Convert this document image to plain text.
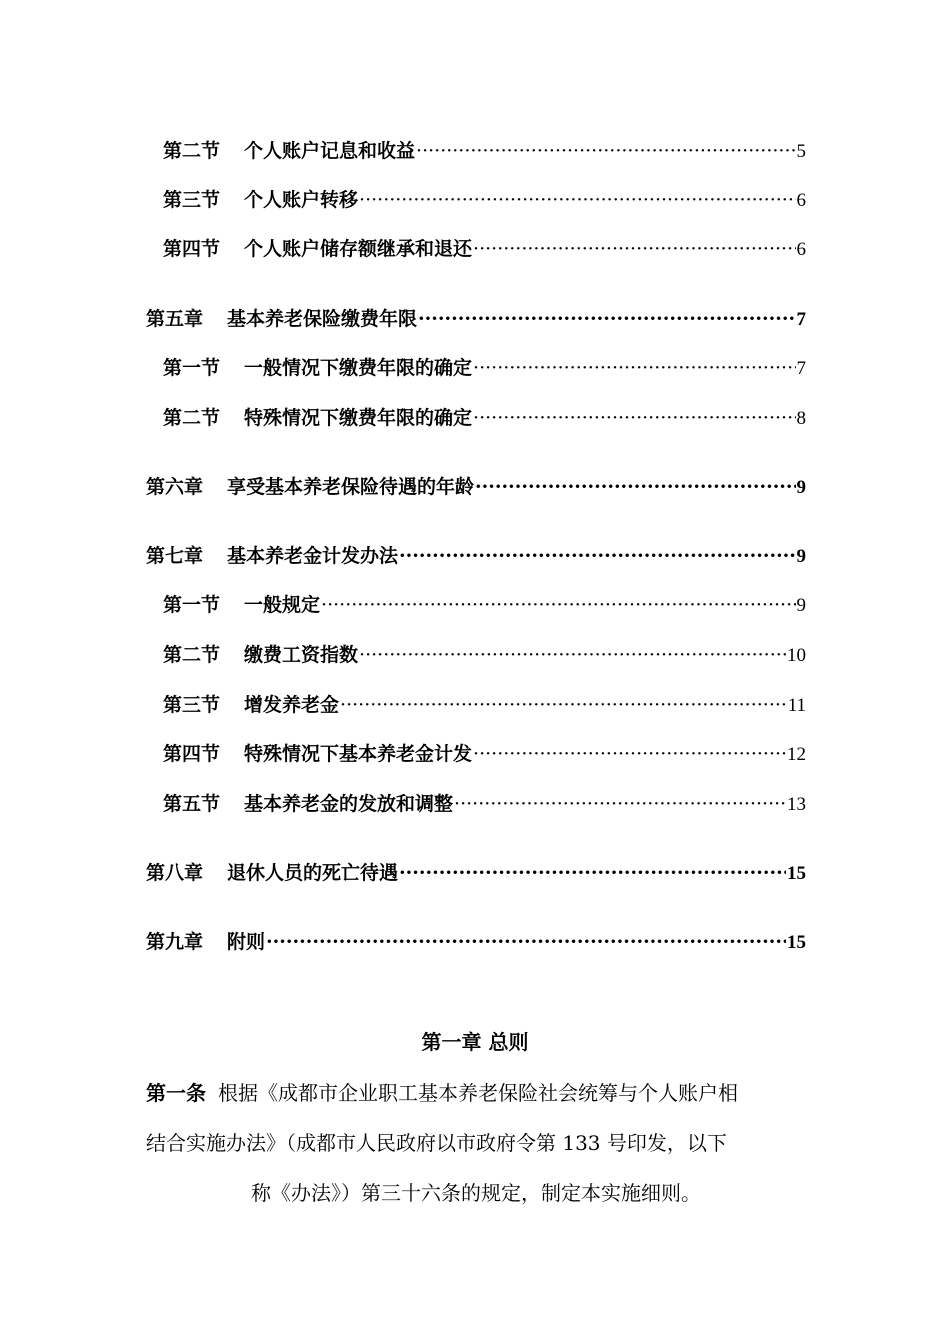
第二节 个人账户记息和收益 ·····	5
第三节 个人账户转移 ·····	6
第四节 个人账户储存额继承和退还 ·····	6
第五章 基本养老保险缴费年限 ·····	7
第一节 一般情况下缴费年限的确定 ·····	7
第二节 特殊情况下缴费年限的确定 ·····	8
第六章 享受基本养老保险待遇的年龄 ·····	9
第七章 基本养老金计发办法 ·····	9
第一节 一般规定 ·····	9
第二节 缴费工资指数 ·····	10
第三节 增发养老金 ·····	11
第四节 特殊情况下基本养老金计发 ·····	12
第五节 基本养老金的发放和调整 ·····	13
第八章 退休人员的死亡待遇 ·····	15
第九章 附则 ·····	15
第一章 总则
第一条 根据《成都市企业职工基本养老保险社会统筹与个人账户相
结合实施办法》（成都市人民政府以市政府令第 133 号印发，以下
称《办法》）第三十六条的规定，制定本实施细则。
